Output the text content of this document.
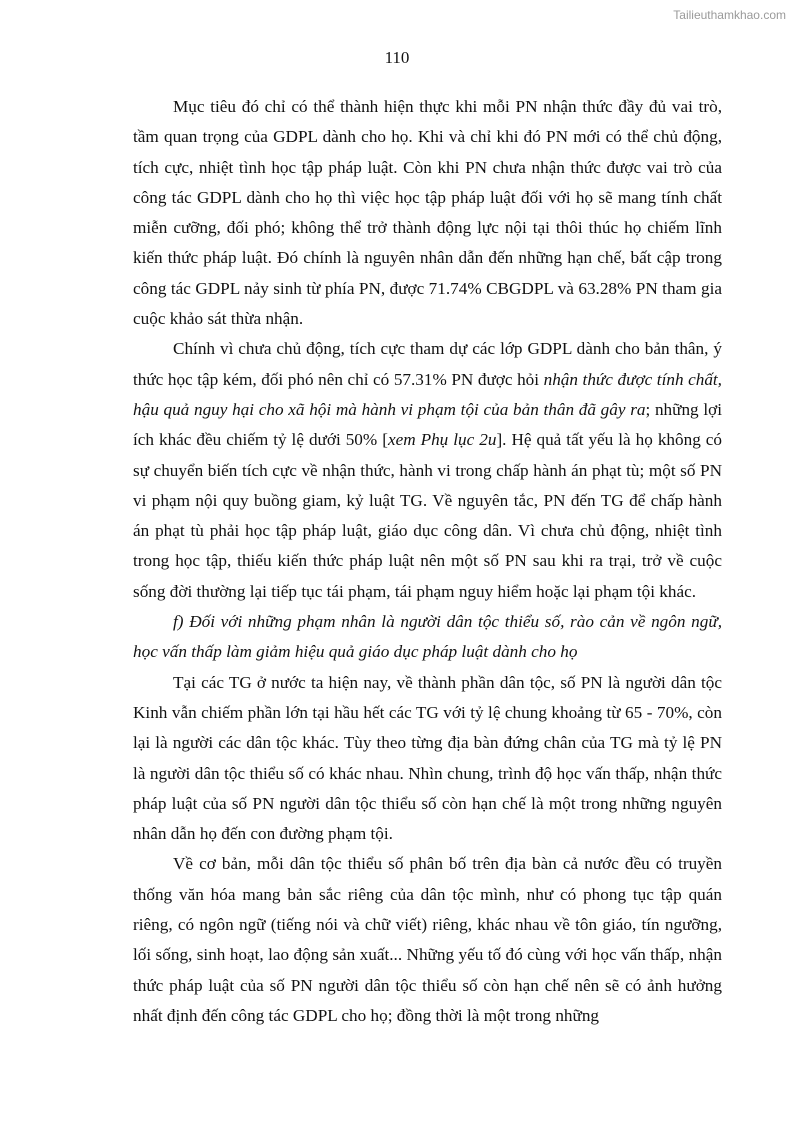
Tailieuthamkhao.com
110

Mục tiêu đó chỉ có thể thành hiện thực khi mỗi PN nhận thức đầy đủ vai trò, tầm quan trọng của GDPL dành cho họ. Khi và chỉ khi đó PN mới có thể chủ động, tích cực, nhiệt tình học tập pháp luật. Còn khi PN chưa nhận thức được vai trò của công tác GDPL dành cho họ thì việc học tập pháp luật đối với họ sẽ mang tính chất miễn cưỡng, đối phó; không thể trở thành động lực nội tại thôi thúc họ chiếm lĩnh kiến thức pháp luật. Đó chính là nguyên nhân dẫn đến những hạn chế, bất cập trong công tác GDPL nảy sinh từ phía PN, được 71.74% CBGDPL và 63.28% PN tham gia cuộc khảo sát thừa nhận.

Chính vì chưa chủ động, tích cực tham dự các lớp GDPL dành cho bản thân, ý thức học tập kém, đối phó nên chỉ có 57.31% PN được hỏi nhận thức được tính chất, hậu quả nguy hại cho xã hội mà hành vi phạm tội của bản thân đã gây ra; những lợi ích khác đều chiếm tỷ lệ dưới 50% [xem Phụ lục 2u]. Hệ quả tất yếu là họ không có sự chuyển biến tích cực về nhận thức, hành vi trong chấp hành án phạt tù; một số PN vi phạm nội quy buồng giam, kỷ luật TG. Về nguyên tắc, PN đến TG để chấp hành án phạt tù phải học tập pháp luật, giáo dục công dân. Vì chưa chủ động, nhiệt tình trong học tập, thiếu kiến thức pháp luật nên một số PN sau khi ra trại, trở về cuộc sống đời thường lại tiếp tục tái phạm, tái phạm nguy hiểm hoặc lại phạm tội khác.

f) Đối với những phạm nhân là người dân tộc thiểu số, rào cản về ngôn ngữ, học vấn thấp làm giảm hiệu quả giáo dục pháp luật dành cho họ

Tại các TG ở nước ta hiện nay, về thành phần dân tộc, số PN là người dân tộc Kinh vẫn chiếm phần lớn tại hầu hết các TG với tỷ lệ chung khoảng từ 65 - 70%, còn lại là người các dân tộc khác. Tùy theo từng địa bàn đứng chân của TG mà tỷ lệ PN là người dân tộc thiểu số có khác nhau. Nhìn chung, trình độ học vấn thấp, nhận thức pháp luật của số PN người dân tộc thiểu số còn hạn chế là một trong những nguyên nhân dẫn họ đến con đường phạm tội.

Về cơ bản, mỗi dân tộc thiểu số phân bố trên địa bàn cả nước đều có truyền thống văn hóa mang bản sắc riêng của dân tộc mình, như có phong tục tập quán riêng, có ngôn ngữ (tiếng nói và chữ viết) riêng, khác nhau về tôn giáo, tín ngưỡng, lối sống, sinh hoạt, lao động sản xuất... Những yếu tố đó cùng với học vấn thấp, nhận thức pháp luật của số PN người dân tộc thiểu số còn hạn chế nên sẽ có ảnh hưởng nhất định đến công tác GDPL cho họ; đồng thời là một trong những
